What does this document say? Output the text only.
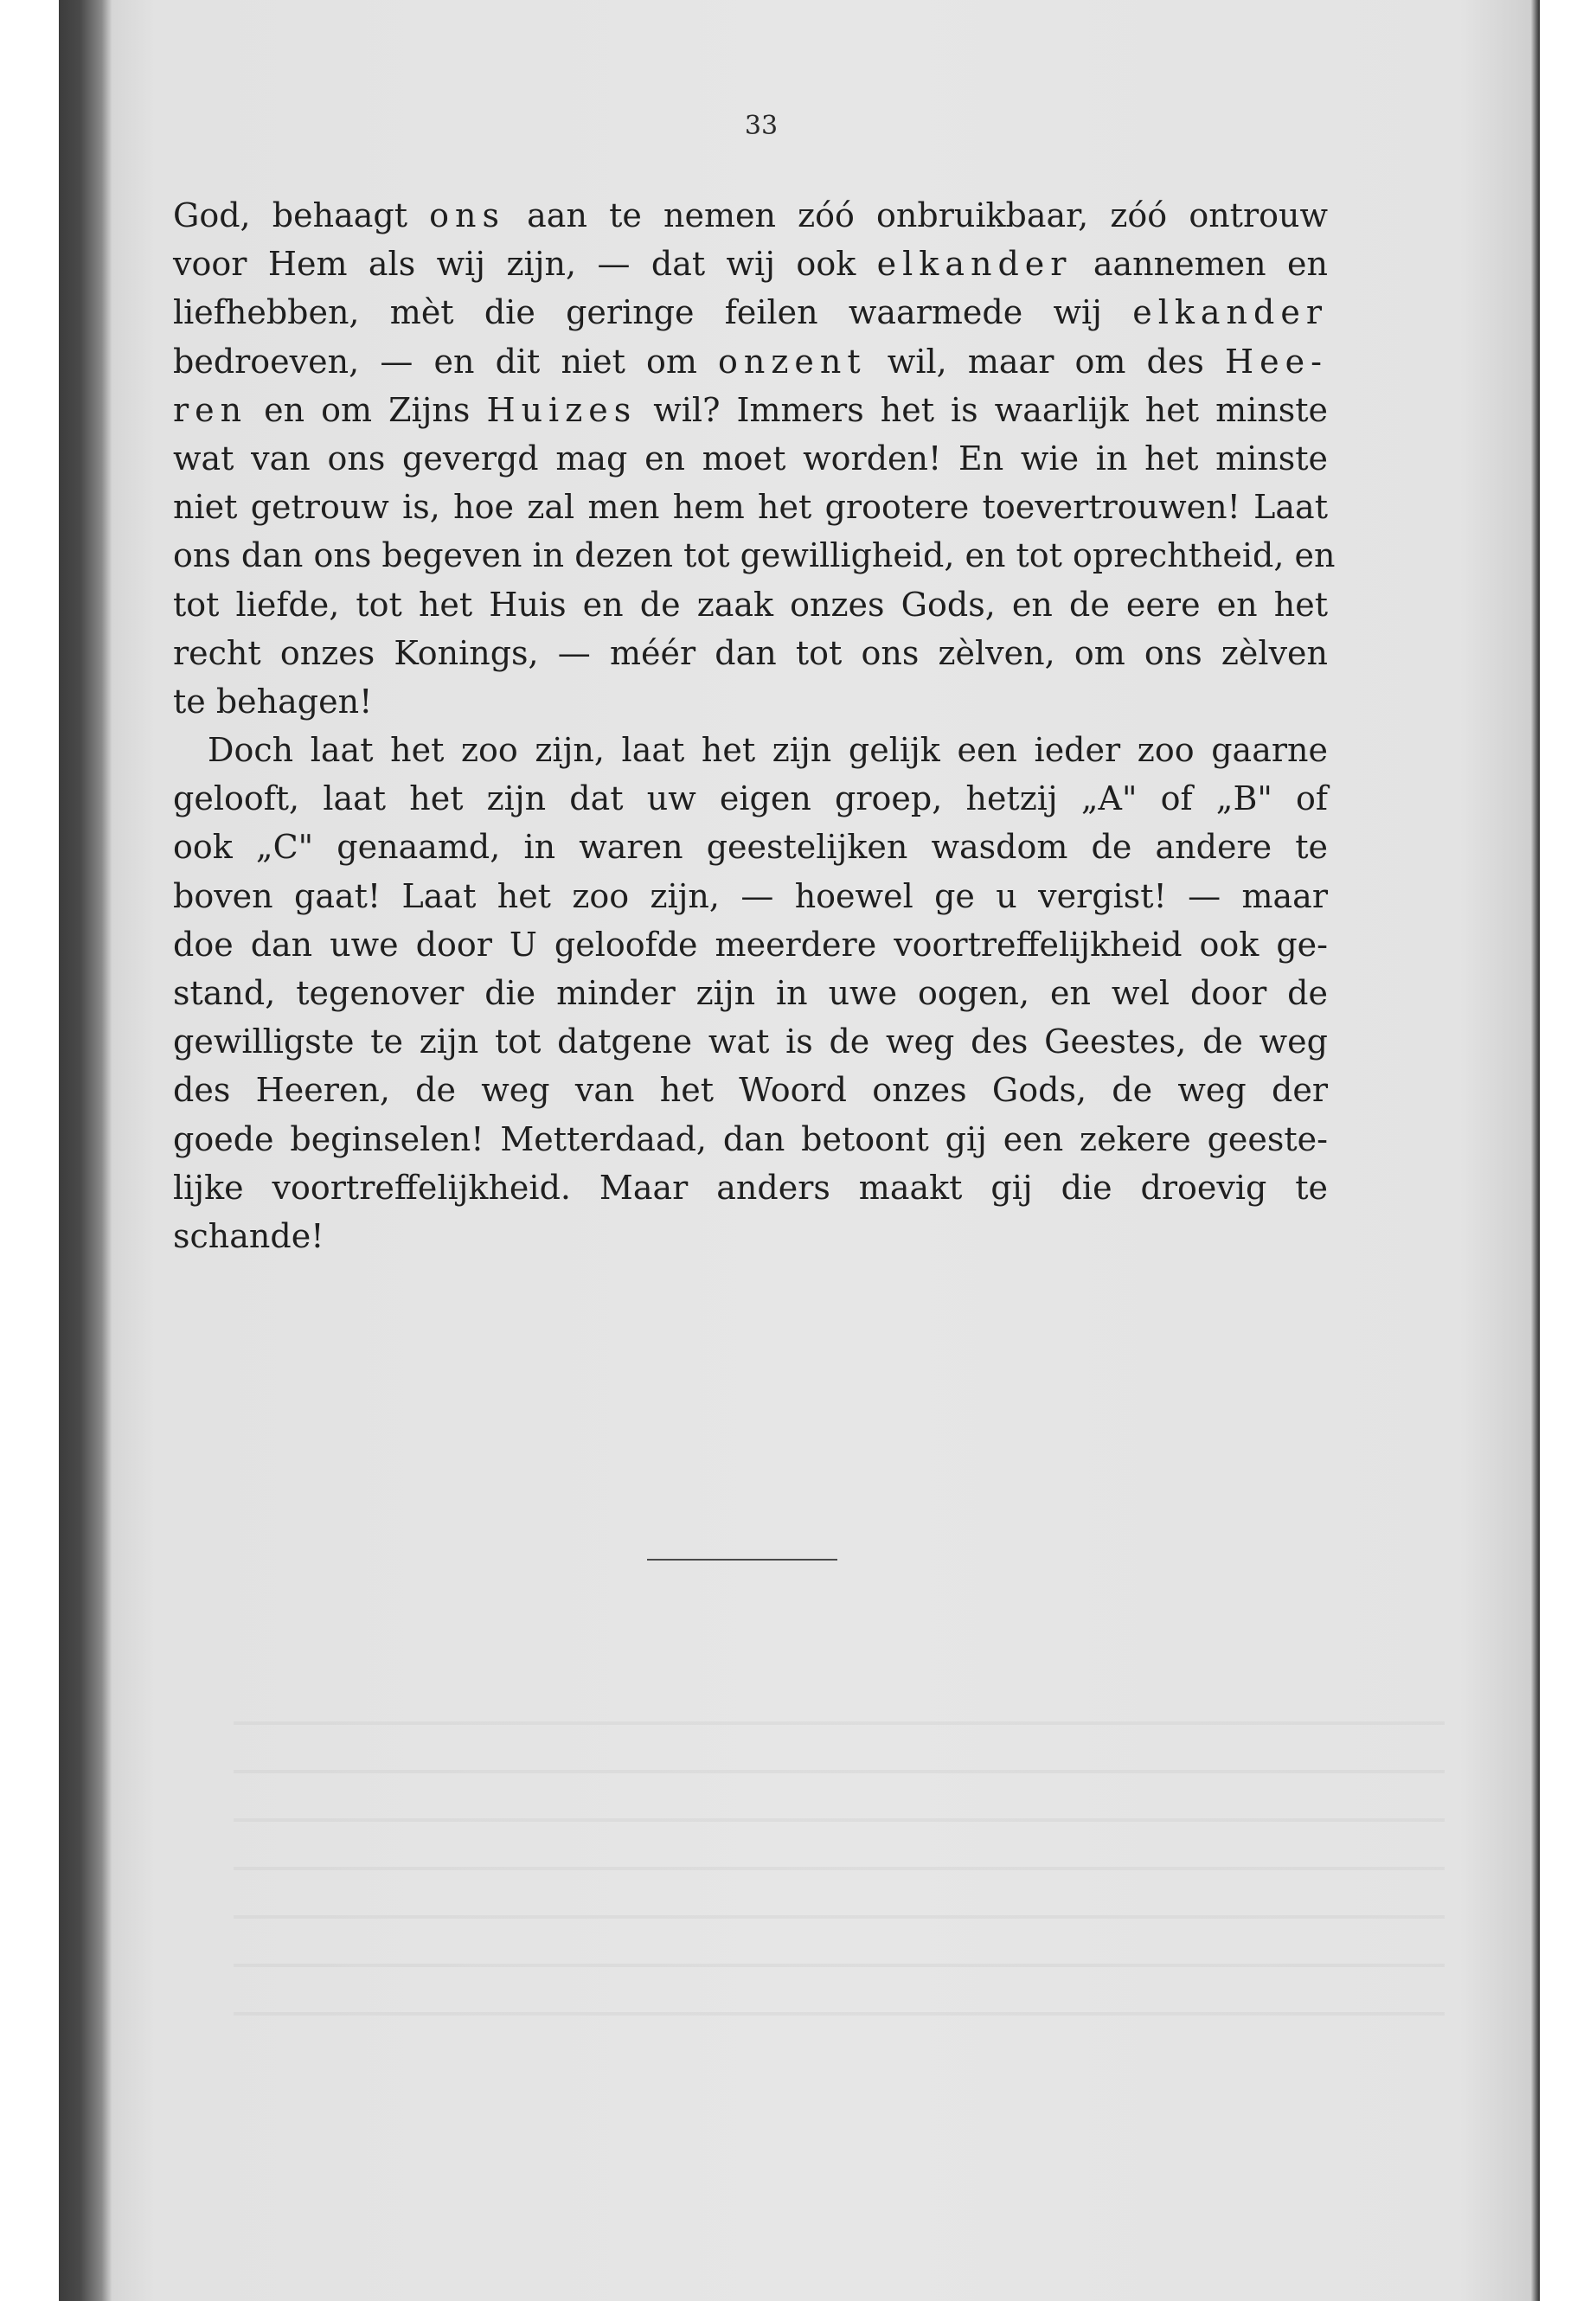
33
God, behaagt ons aan te nemen zóó onbruikbaar, zóó ontrouw
voor Hem als wij zijn, — dat wij ook elkander aannemen en
liefhebben, mèt die geringe feilen waarmede wij elkander
bedroeven, — en dit niet om onzent wil, maar om des Hee-
ren en om Zijns Huizes wil? Immers het is waarlijk het minste
wat van ons gevergd mag en moet worden! En wie in het minste
niet getrouw is, hoe zal men hem het grootere toevertrouwen! Laat
ons dan ons begeven in dezen tot gewilligheid, en tot oprechtheid, en
tot liefde, tot het Huis en de zaak onzes Gods, en de eere en het
recht onzes Konings, — méér dan tot ons zèlven, om ons zèlven
te behagen!
Doch laat het zoo zijn, laat het zijn gelijk een ieder zoo gaarne
gelooft, laat het zijn dat uw eigen groep, hetzij „A" of „B" of
ook „C" genaamd, in waren geestelijken wasdom de andere te
boven gaat! Laat het zoo zijn, — hoewel ge u vergist! — maar
doe dan uwe door U geloofde meerdere voortreffelijkheid ook ge-
stand, tegenover die minder zijn in uwe oogen, en wel door de
gewilligste te zijn tot datgene wat is de weg des Geestes, de weg
des Heeren, de weg van het Woord onzes Gods, de weg der
goede beginselen! Metterdaad, dan betoont gij een zekere geeste-
lijke voortreffelijkheid. Maar anders maakt gij die droevig te
schande!
